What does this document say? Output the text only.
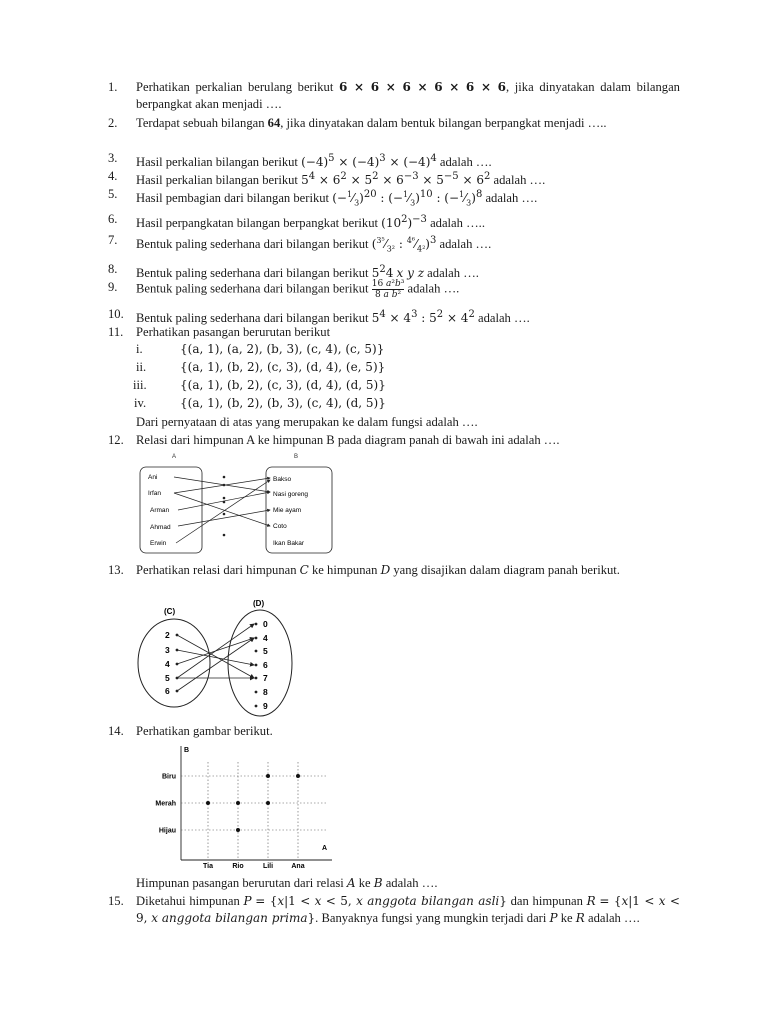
1. Perhatikan perkalian berulang berikut 6 × 6 × 6 × 6 × 6 × 6, jika dinyatakan dalam bilangan berpangkat akan menjadi ….
2. Terdapat sebuah bilangan 64, jika dinyatakan dalam bentuk bilangan berpangkat menjadi …..
3. Hasil perkalian bilangan berikut $(-4)^5 \times (-4)^3 \times (-4)^4$ adalah ….
4. Hasil perkalian bilangan berikut $5^4 \times 6^2 \times 5^2 \times 6^{-3} \times 5^{-5} \times 6^2$ adalah ….
5. Hasil pembagian dari bilangan berikut $(-^1⁄_3)^{20}$ : $(-^1⁄_3)^{10}$ : $(-^1⁄_3)^8$ adalah ….
6. Hasil perpangkatan bilangan berpangkat berikut $(10^2)^{-3}$ adalah …..
7. Bentuk paling sederhana dari bilangan berikut ($^{3^5}⁄_{3^2}$ : $^{4^6}⁄_{4^2})^3$ adalah ….
8. Bentuk paling sederhana dari bilangan berikut $5^24$ x y z adalah ….
9. Bentuk paling sederhana dari bilangan berikut $\frac{\text{16 a²b³}}{\text{8 a b²}}$ adalah ….
10. Bentuk paling sederhana dari bilangan berikut $5^4 \times 4^3$ : $5^2 \times 4^2$ adalah ….
11. Perhatikan pasangan berurutan berikut
i.	{(a, 1), (a, 2), (b, 3), (c, 4), (c, 5)}
ii.	{(a, 1), (b, 2), (c, 3), (d, 4), (e, 5)}
iii.	{(a, 1), (b, 2), (c, 3), (d, 4), (d, 5)}
iv.	{(a, 1), (b, 2), (b, 3), (c, 4), (d, 5)}
Dari pernyataan di atas yang merupakan ke dalam fungsi adalah ….
12. Relasi dari himpunan A ke himpunan B pada diagram panah di bawah ini adalah ….
A	B
Ani
Irfan
Arman
Ahmad
Erwin
Bakso
Nasi goreng
Mie ayam
Coto
Ikan Bakar
13. Perhatikan relasi dari himpunan C ke himpunan D yang disajikan dalam diagram panah berikut.
(C)
(D)
2
3
4
5
6
0
4
5
6
7
8
9
14. Perhatikan gambar berikut.
B
A
Biru
Merah
Hijau
Tia	Rio	Lili	Ana
Himpunan pasangan berurutan dari relasi A ke B adalah ….
15. Diketahui himpunan P = {x|1 < x < 5, x anggota bilangan asli} dan himpunan R = {x|1 < x < 9, x anggota bilangan prima}. Banyaknya fungsi yang mungkin terjadi dari P ke R adalah ….
